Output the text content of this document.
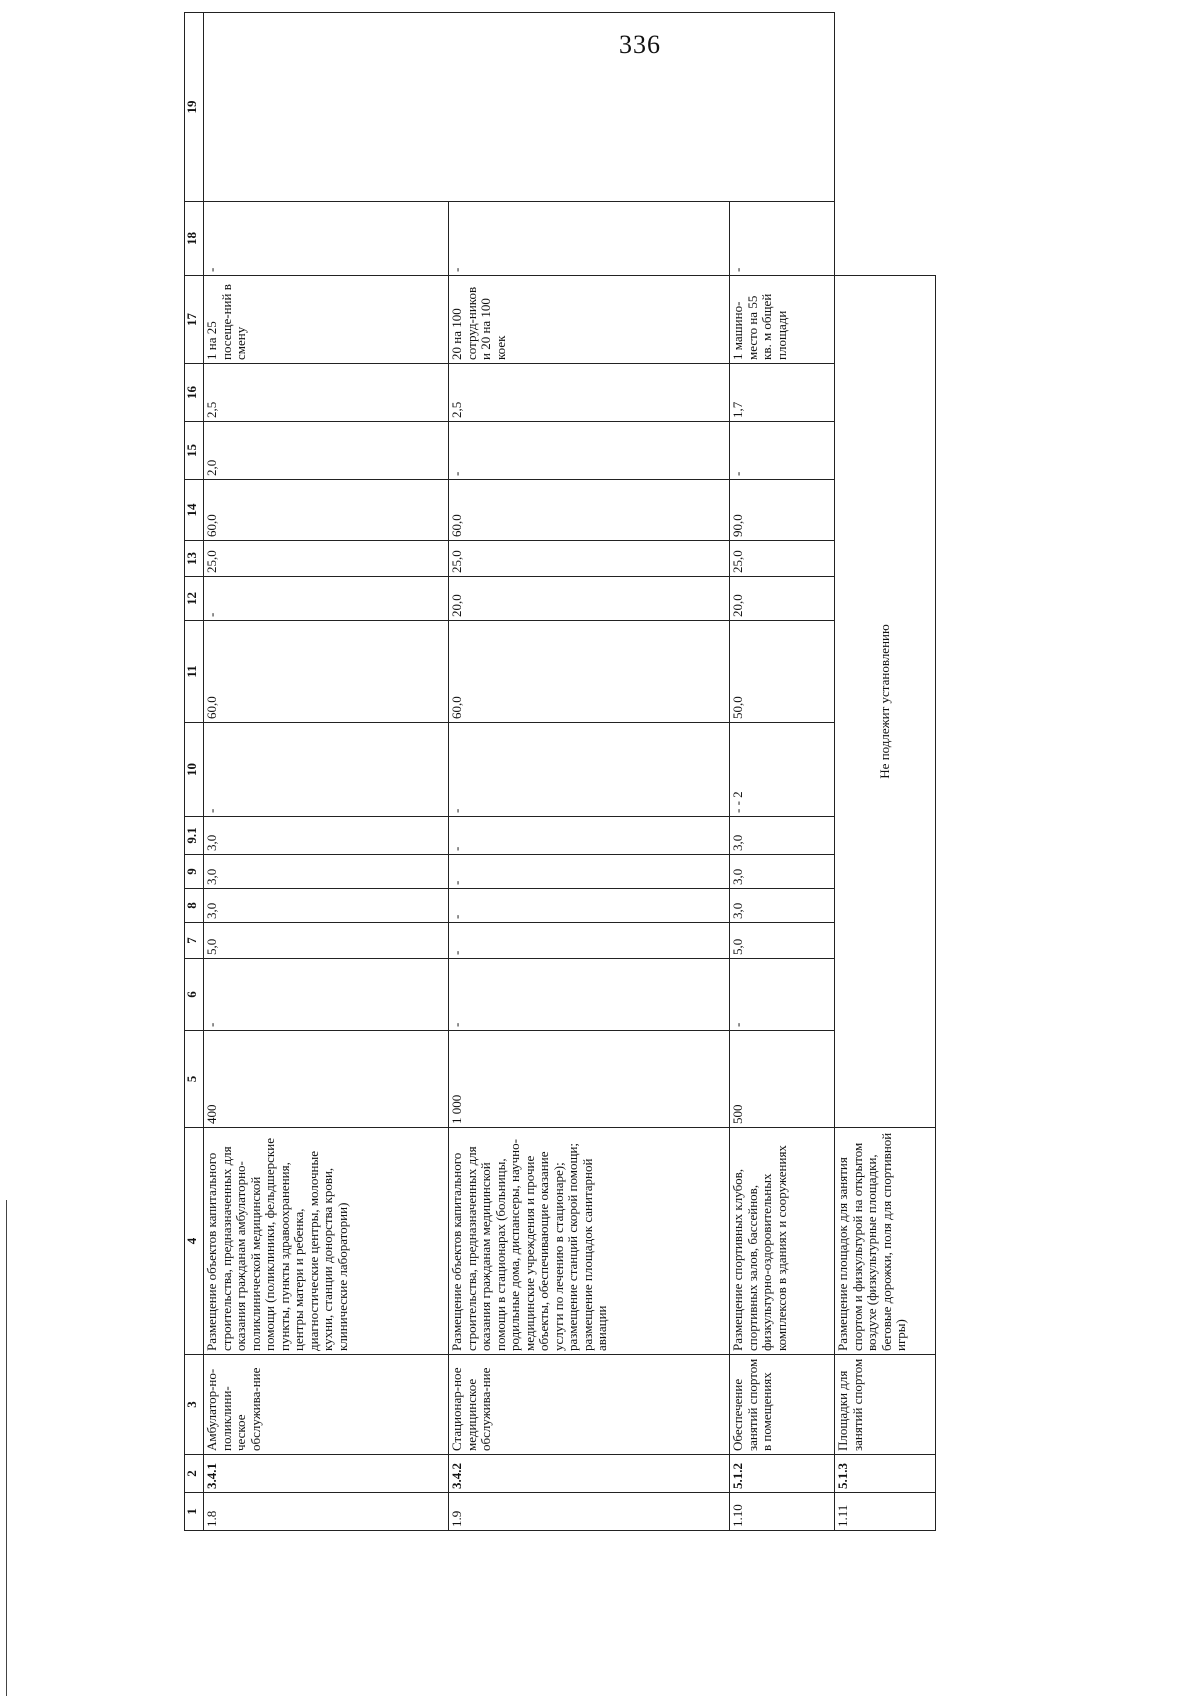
336
1	2	3	4	5	6	7	8	9	9.1	10	11	12	13	14	15	16	17	18	19
1.8	3.4.1	Амбулатор-но-поликлини-ческое обслужива-ние	Размещение объектов капитального строительства, предназначенных для оказания гражданам амбулаторно-поликлинической медицинской помощи (поликлиники, фельдшерские пункты, пункты здравоохранения, центры матери и ребенка, диагностические центры, молочные кухни, станции донорства крови, клинические лаборатории)	400	-	5,0	3,0	3,0	3,0	-	60,0	-	25,0	60,0	2,0	2,5	1 на 25 посеще-ний в смену	-	
1.9	3.4.2	Стационар-ное медицинское обслужива-ние	Размещение объектов капитального строительства, предназначенных для оказания гражданам медицинской помощи в стационарах (больницы, родильные дома, диспансеры, научно-медицинские учреждения и прочие объекты, обеспечивающие оказание услуги по лечению в стационаре); размещение станций скорой помощи; размещение площадок санитарной авиации	1 000	-	-	-	-	-	-	60,0	20,0	25,0	60,0	-	2,5	20 на 100 сотруд-ников и 20 на 100 коек	-	
1.10	5.1.2	Обеспечение занятий спортом в помещениях	Размещение спортивных клубов, спортивных залов, бассейнов, физкультурно-оздоровительных комплексов в зданиях и сооружениях	500	-	5,0	3,0	3,0	3,0	- - 2	50,0	20,0	25,0	90,0	-	1,7	1 машино-место на 55 кв. м общей площади	-	
1.11	5.1.3	Площадки для занятий спортом	Размещение площадок для занятия спортом и физкультурой на открытом воздухе (физкультурные площадки, беговые дорожки, поля для спортивной игры)	Не подлежит установлению															
